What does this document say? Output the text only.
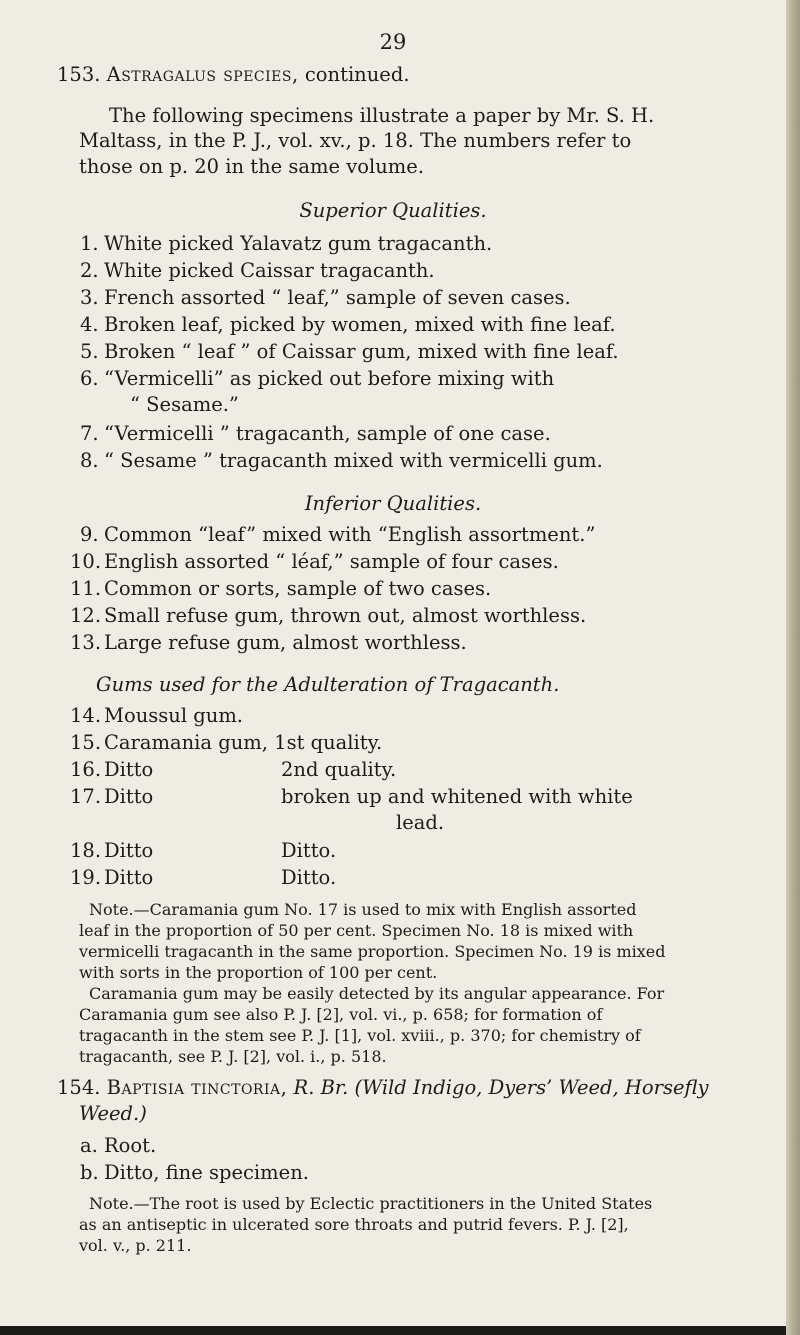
29
153. Astragalus species, continued.
The following specimens illustrate a paper by Mr. S. H.
Maltass, in the P. J., vol. xv., p. 18. The numbers refer to
those on p. 20 in the same volume.
Superior Qualities.
1. White picked Yalavatz gum tragacanth.
2. White picked Caissar tragacanth.
3. French assorted “ leaf,” sample of seven cases.
4. Broken leaf, picked by women, mixed with fine leaf.
5. Broken “ leaf ” of Caissar gum, mixed with fine leaf.
6. “Vermicelli” as picked out before mixing with
“ Sesame.”
7. “Vermicelli ” tragacanth, sample of one case.
8. “ Sesame ” tragacanth mixed with vermicelli gum.
Inferior Qualities.
9. Common “leaf” mixed with “English assortment.”
10. English assorted “ léaf,” sample of four cases.
11. Common or sorts, sample of two cases.
12. Small refuse gum, thrown out, almost worthless.
13. Large refuse gum, almost worthless.
Gums used for the Adulteration of Tragacanth.
14. Moussul gum.
15. Caramania gum, 1st quality.
16. Ditto	2nd quality.
17. Ditto	broken up and whitened with white
lead.
18. Ditto	Ditto.
19. Ditto	Ditto.
Note.—Caramania gum No. 17 is used to mix with English assorted
leaf in the proportion of 50 per cent. Specimen No. 18 is mixed with
vermicelli tragacanth in the same proportion. Specimen No. 19 is mixed
with sorts in the proportion of 100 per cent.
Caramania gum may be easily detected by its angular appearance. For
Caramania gum see also P. J. [2], vol. vi., p. 658; for formation of
tragacanth in the stem see P. J. [1], vol. xviii., p. 370; for chemistry of
tragacanth, see P. J. [2], vol. i., p. 518.
154. Baptisia tinctoria, R. Br. (Wild Indigo, Dyers’ Weed, Horsefly
Weed.)
a. Root.
b. Ditto, fine specimen.
Note.—The root is used by Eclectic practitioners in the United States
as an antiseptic in ulcerated sore throats and putrid fevers. P. J. [2],
vol. v., p. 211.
